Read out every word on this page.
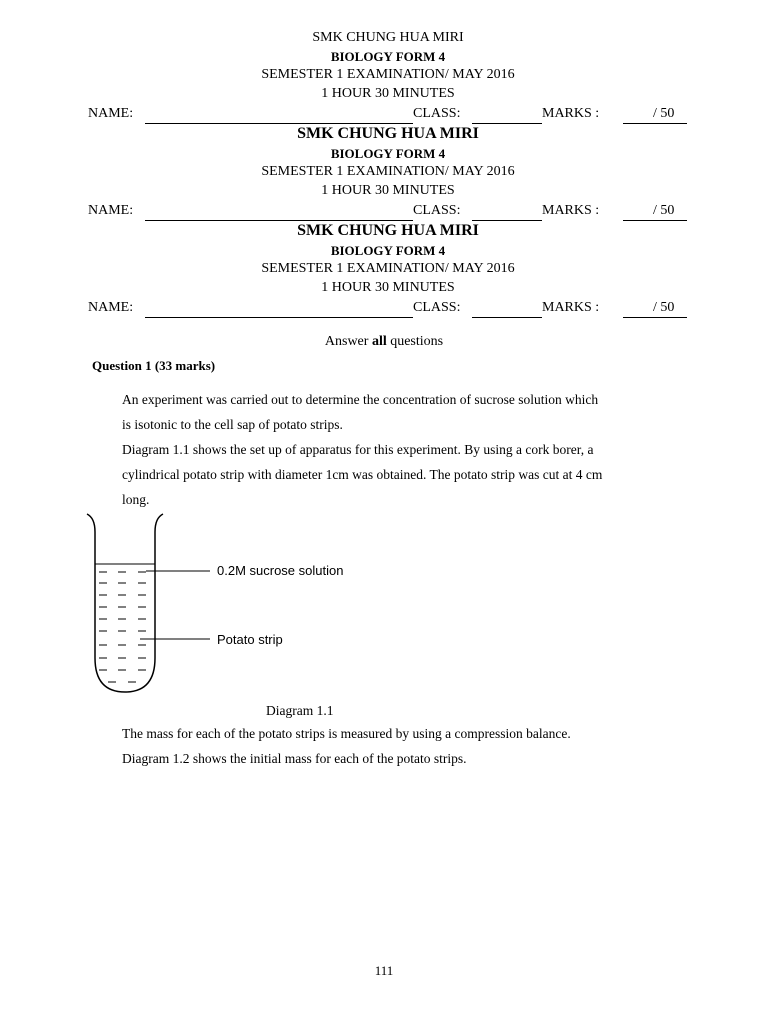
SMK CHUNG HUA MIRI
BIOLOGY FORM 4
SEMESTER 1 EXAMINATION/ MAY 2016
1 HOUR 30 MINUTES
NAME:	CLASS:	MARKS :	/ 50
SMK CHUNG HUA MIRI
BIOLOGY FORM 4
SEMESTER 1 EXAMINATION/ MAY 2016
1 HOUR 30 MINUTES
NAME:	CLASS:	MARKS :	/ 50
SMK CHUNG HUA MIRI
BIOLOGY FORM 4
SEMESTER 1 EXAMINATION/ MAY 2016
1 HOUR 30 MINUTES
NAME:	CLASS:	MARKS :	/ 50
Answer all questions
Question 1 (33 marks)
An experiment was carried out to determine the concentration of sucrose solution which
is isotonic to the cell sap of potato strips.
Diagram 1.1 shows the set up of apparatus for this experiment. By using a cork borer, a
cylindrical potato strip with diameter 1cm was obtained. The potato strip was cut at 4 cm
long.
0.2M sucrose solution
Potato strip
Diagram 1.1
The mass for each of the potato strips is measured by using a compression balance.
Diagram 1.2 shows the initial mass for each of the potato strips.
111
